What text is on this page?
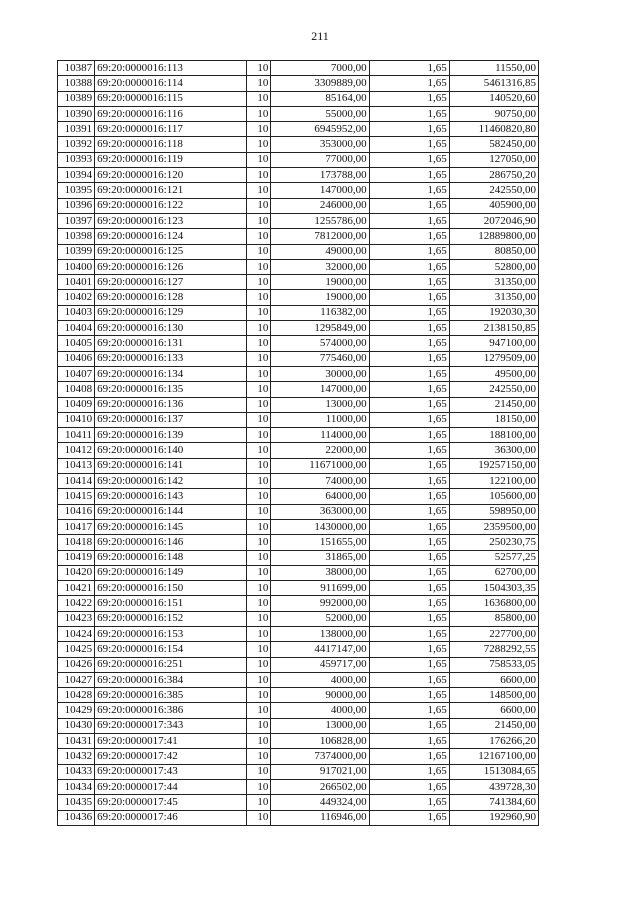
211
10387	69:20:0000016:113	10	7000,00	1,65	11550,00
10388	69:20:0000016:114	10	3309889,00	1,65	5461316,85
10389	69:20:0000016:115	10	85164,00	1,65	140520,60
10390	69:20:0000016:116	10	55000,00	1,65	90750,00
10391	69:20:0000016:117	10	6945952,00	1,65	11460820,80
10392	69:20:0000016:118	10	353000,00	1,65	582450,00
10393	69:20:0000016:119	10	77000,00	1,65	127050,00
10394	69:20:0000016:120	10	173788,00	1,65	286750,20
10395	69:20:0000016:121	10	147000,00	1,65	242550,00
10396	69:20:0000016:122	10	246000,00	1,65	405900,00
10397	69:20:0000016:123	10	1255786,00	1,65	2072046,90
10398	69:20:0000016:124	10	7812000,00	1,65	12889800,00
10399	69:20:0000016:125	10	49000,00	1,65	80850,00
10400	69:20:0000016:126	10	32000,00	1,65	52800,00
10401	69:20:0000016:127	10	19000,00	1,65	31350,00
10402	69:20:0000016:128	10	19000,00	1,65	31350,00
10403	69:20:0000016:129	10	116382,00	1,65	192030,30
10404	69:20:0000016:130	10	1295849,00	1,65	2138150,85
10405	69:20:0000016:131	10	574000,00	1,65	947100,00
10406	69:20:0000016:133	10	775460,00	1,65	1279509,00
10407	69:20:0000016:134	10	30000,00	1,65	49500,00
10408	69:20:0000016:135	10	147000,00	1,65	242550,00
10409	69:20:0000016:136	10	13000,00	1,65	21450,00
10410	69:20:0000016:137	10	11000,00	1,65	18150,00
10411	69:20:0000016:139	10	114000,00	1,65	188100,00
10412	69:20:0000016:140	10	22000,00	1,65	36300,00
10413	69:20:0000016:141	10	11671000,00	1,65	19257150,00
10414	69:20:0000016:142	10	74000,00	1,65	122100,00
10415	69:20:0000016:143	10	64000,00	1,65	105600,00
10416	69:20:0000016:144	10	363000,00	1,65	598950,00
10417	69:20:0000016:145	10	1430000,00	1,65	2359500,00
10418	69:20:0000016:146	10	151655,00	1,65	250230,75
10419	69:20:0000016:148	10	31865,00	1,65	52577,25
10420	69:20:0000016:149	10	38000,00	1,65	62700,00
10421	69:20:0000016:150	10	911699,00	1,65	1504303,35
10422	69:20:0000016:151	10	992000,00	1,65	1636800,00
10423	69:20:0000016:152	10	52000,00	1,65	85800,00
10424	69:20:0000016:153	10	138000,00	1,65	227700,00
10425	69:20:0000016:154	10	4417147,00	1,65	7288292,55
10426	69:20:0000016:251	10	459717,00	1,65	758533,05
10427	69:20:0000016:384	10	4000,00	1,65	6600,00
10428	69:20:0000016:385	10	90000,00	1,65	148500,00
10429	69:20:0000016:386	10	4000,00	1,65	6600,00
10430	69:20:0000017:343	10	13000,00	1,65	21450,00
10431	69:20:0000017:41	10	106828,00	1,65	176266,20
10432	69:20:0000017:42	10	7374000,00	1,65	12167100,00
10433	69:20:0000017:43	10	917021,00	1,65	1513084,65
10434	69:20:0000017:44	10	266502,00	1,65	439728,30
10435	69:20:0000017:45	10	449324,00	1,65	741384,60
10436	69:20:0000017:46	10	116946,00	1,65	192960,90
